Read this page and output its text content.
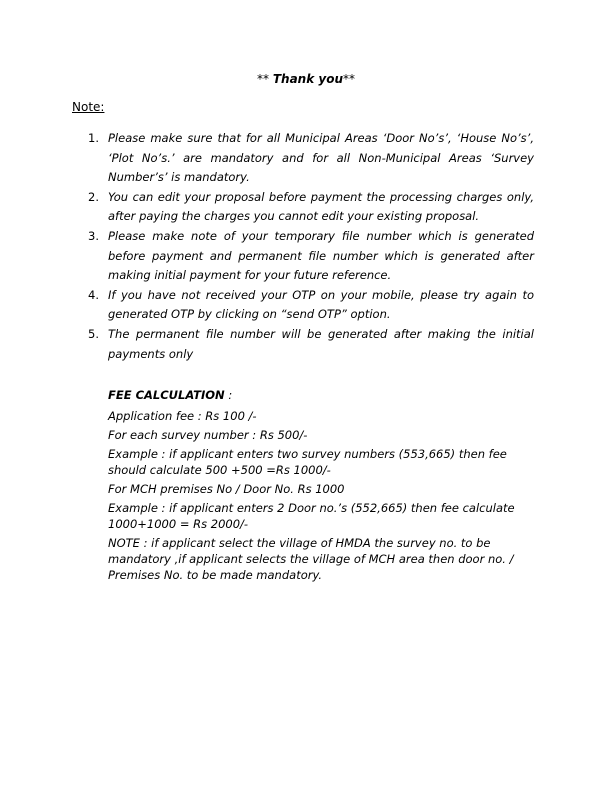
** Thank you**
Note:
1. Please make sure that for all Municipal Areas ‘Door No’s’, ‘House No’s’, ‘Plot No’s.’ are mandatory and for all Non-Municipal Areas ‘Survey Number’s’ is mandatory.
2. You can edit your proposal before payment the processing charges only, after paying the charges you cannot edit your existing proposal.
3. Please make note of your temporary file number which is generated before payment and permanent file number which is generated after making initial payment for your future reference.
4. If you have not received your OTP on your mobile, please try again to generated OTP by clicking on “send OTP” option.
5. The permanent file number will be generated after making the initial payments only
FEE CALCULATION :
Application fee : Rs 100 /-
For each survey number : Rs 500/-
Example : if applicant enters two survey numbers (553,665) then fee should calculate 500 +500 =Rs 1000/-
For MCH premises No / Door No. Rs 1000
Example : if applicant enters 2 Door no.’s (552,665) then fee calculate 1000+1000 = Rs 2000/-
NOTE : if applicant select the village of HMDA the survey no. to be mandatory ,if applicant selects the village of MCH area then door no. / Premises No. to be made mandatory.
